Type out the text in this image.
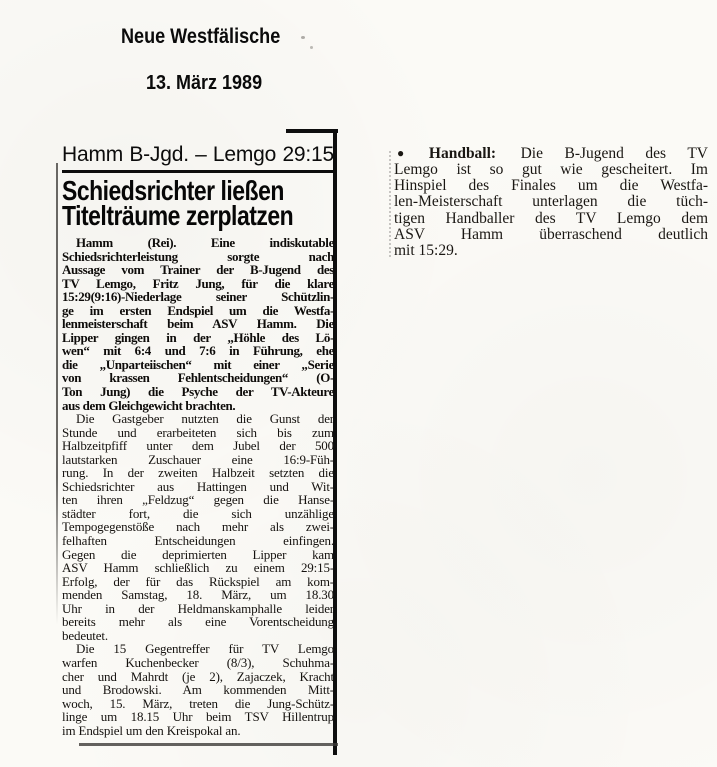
Neue Westfälische
13. März 1989
Hamm B-Jgd. – Lemgo 29:15
Schiedsrichter ließen
Titelträume zerplatzen
Hamm (Rei). Eine indiskutable
Schiedsrichterleistung sorgte nach
Aussage vom Trainer der B-Jugend des
TV Lemgo, Fritz Jung, für die klare
15:29(9:16)-Niederlage seiner Schützlin-
ge im ersten Endspiel um die Westfa-
lenmeisterschaft beim ASV Hamm. Die
Lipper gingen in der „Höhle des Lö-
wen“ mit 6:4 und 7:6 in Führung, ehe
die „Unparteiischen“ mit einer „Serie
von krassen Fehlentscheidungen“ (O-
Ton Jung) die Psyche der TV-Akteure
aus dem Gleichgewicht brachten.
Die Gastgeber nutzten die Gunst der
Stunde und erarbeiteten sich bis zum
Halbzeitpfiff unter dem Jubel der 500
lautstarken Zuschauer eine 16:9-Füh-
rung. In der zweiten Halbzeit setzten die
Schiedsrichter aus Hattingen und Wit-
ten ihren „Feldzug“ gegen die Hanse-
städter fort, die sich unzählige
Tempogegenstöße nach mehr als zwei-
felhaften Entscheidungen einfingen.
Gegen die deprimierten Lipper kam
ASV Hamm schließlich zu einem 29:15-
Erfolg, der für das Rückspiel am kom-
menden Samstag, 18. März, um 18.30
Uhr in der Heldmanskamphalle leider
bereits mehr als eine Vorentscheidung
bedeutet.
Die 15 Gegentreffer für TV Lemgo
warfen Kuchenbecker (8/3), Schuhma-
cher und Mahrdt (je 2), Zajaczek, Kracht
und Brodowski. Am kommenden Mitt-
woch, 15. März, treten die Jung-Schütz-
linge um 18.15 Uhr beim TSV Hillentrup
im Endspiel um den Kreispokal an.
● Handball: Die B-Jugend des TV
Lemgo ist so gut wie gescheitert. Im
Hinspiel des Finales um die Westfa-
len-Meisterschaft unterlagen die tüch-
tigen Handballer des TV Lemgo dem
ASV Hamm überraschend deutlich
mit 15:29.
